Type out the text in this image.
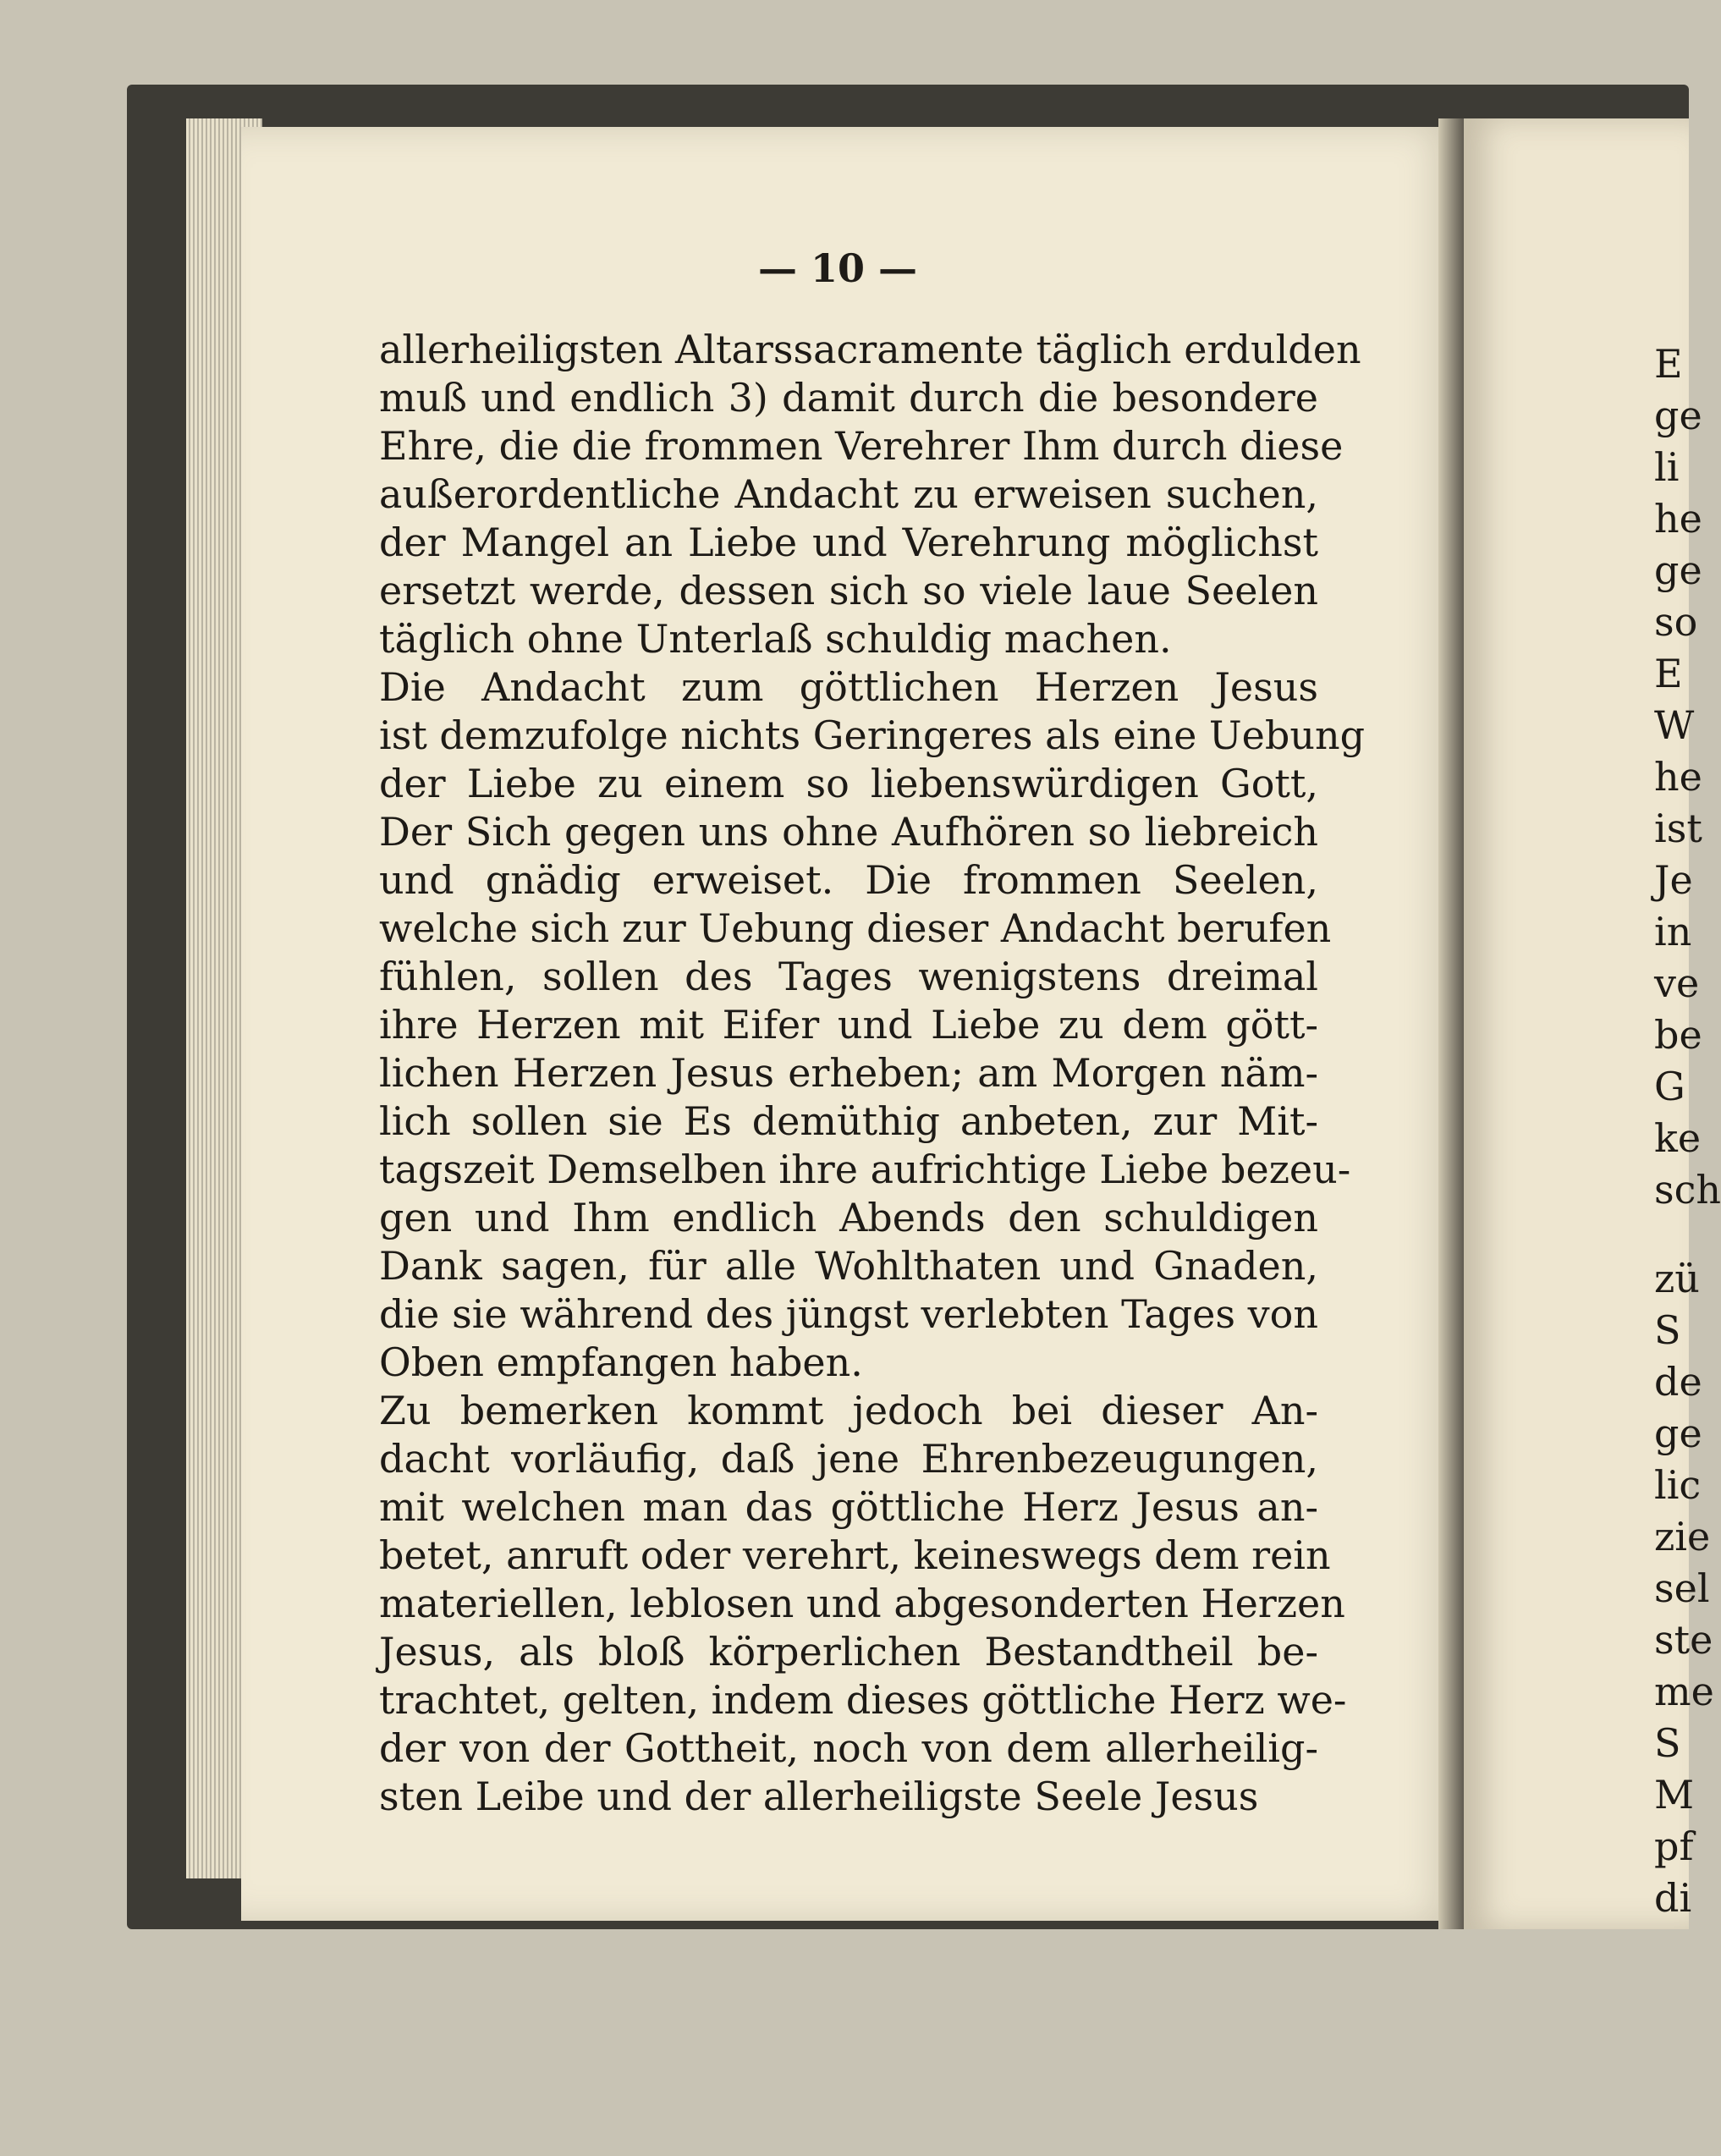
— 10 —
allerheiligsten Altarssacramente täglich erdulden
muß und endlich 3) damit durch die besondere
Ehre, die die frommen Verehrer Ihm durch diese
außerordentliche Andacht zu erweisen suchen,
der Mangel an Liebe und Verehrung möglichst
ersetzt werde, dessen sich so viele laue Seelen
täglich ohne Unterlaß schuldig machen.
Die Andacht zum göttlichen Herzen Jesus
ist demzufolge nichts Geringeres als eine Uebung
der Liebe zu einem so liebenswürdigen Gott,
Der Sich gegen uns ohne Aufhören so liebreich
und gnädig erweiset. Die frommen Seelen,
welche sich zur Uebung dieser Andacht berufen
fühlen, sollen des Tages wenigstens dreimal
ihre Herzen mit Eifer und Liebe zu dem gött-
lichen Herzen Jesus erheben; am Morgen näm-
lich sollen sie Es demüthig anbeten, zur Mit-
tagszeit Demselben ihre aufrichtige Liebe bezeu-
gen und Ihm endlich Abends den schuldigen
Dank sagen, für alle Wohlthaten und Gnaden,
die sie während des jüngst verlebten Tages von
Oben empfangen haben.
Zu bemerken kommt jedoch bei dieser An-
dacht vorläufig, daß jene Ehrenbezeugungen,
mit welchen man das göttliche Herz Jesus an-
betet, anruft oder verehrt, keineswegs dem rein
materiellen, leblosen und abgesonderten Herzen
Jesus, als bloß körperlichen Bestandtheil be-
trachtet, gelten, indem dieses göttliche Herz we-
der von der Gottheit, noch von dem allerheilig-
sten Leibe und der allerheiligste Seele Jesus
E
ge
li
he
ge
so
E
W
he
ist
Je
in
ve
be
G
ke
sch
zü
S
de
ge
lic
zie
sel
ste
me
S
M
pf
di
